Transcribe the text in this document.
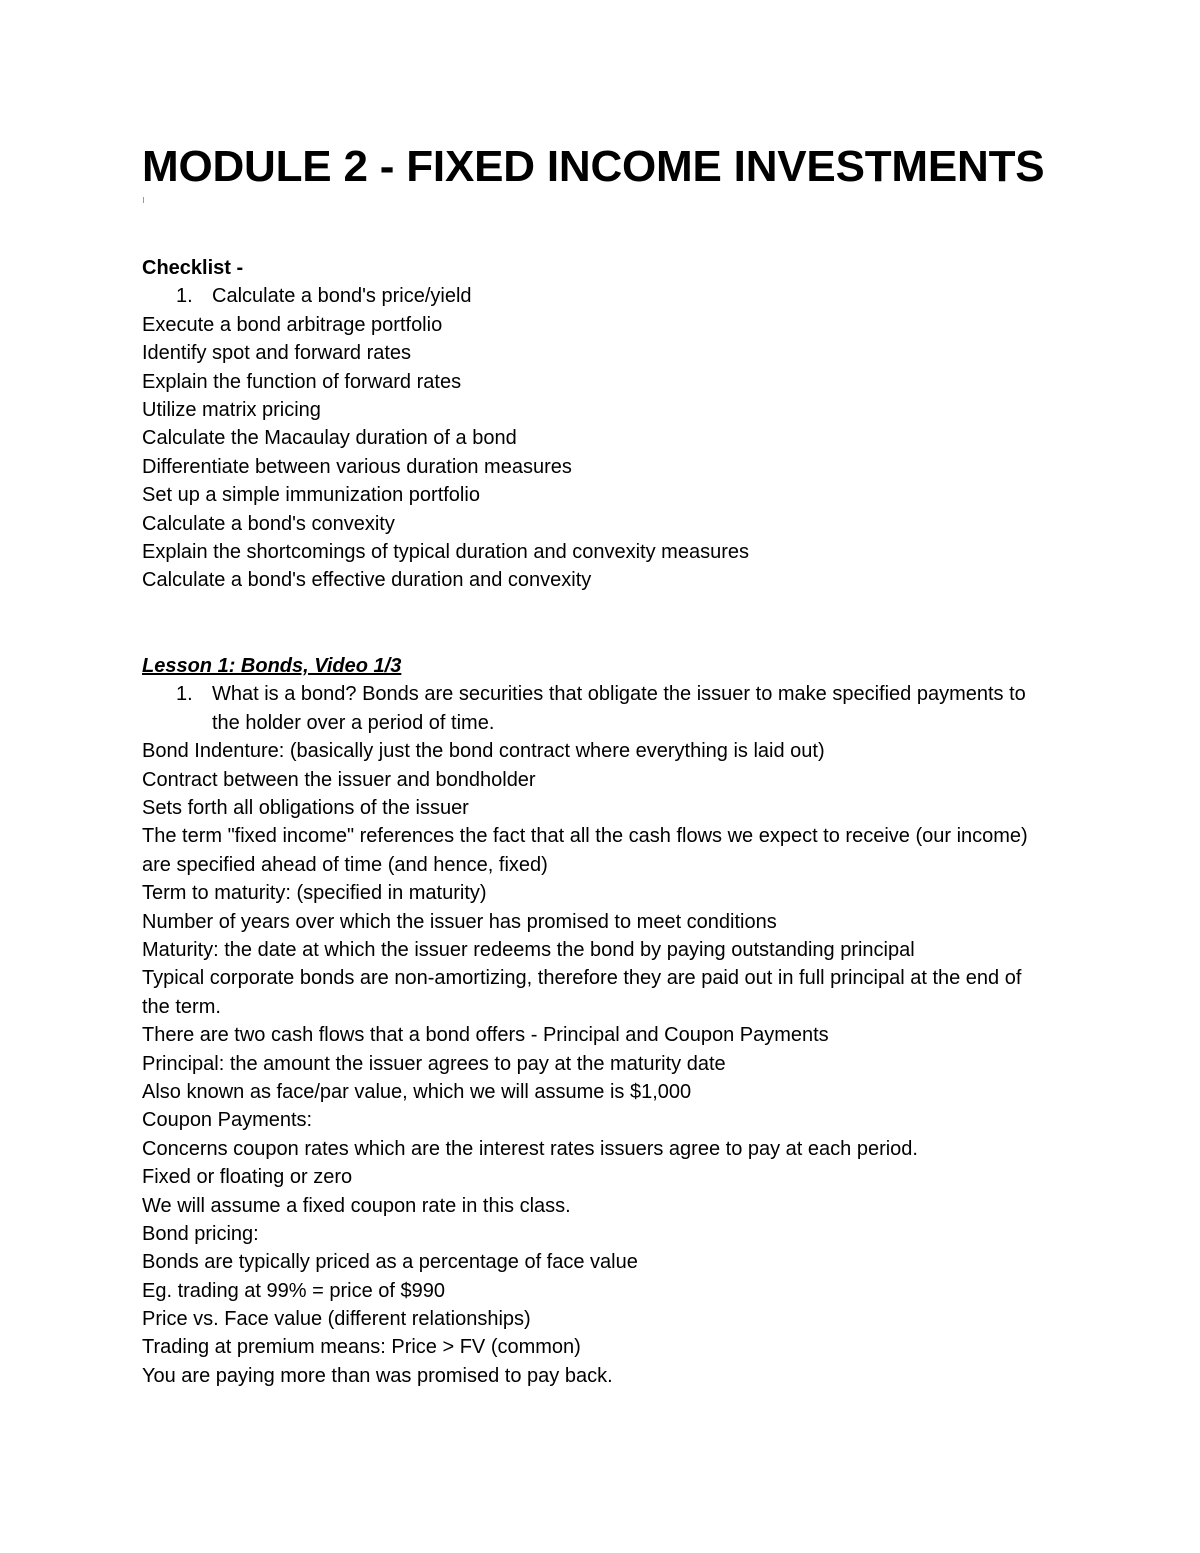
MODULE 2 - FIXED INCOME INVESTMENTS
Checklist -
1. Calculate a bond's price/yield
Execute a bond arbitrage portfolio
Identify spot and forward rates
Explain the function of forward rates
Utilize matrix pricing
Calculate the Macaulay duration of a bond
Differentiate between various duration measures
Set up a simple immunization portfolio
Calculate a bond's convexity
Explain the shortcomings of typical duration and convexity measures
Calculate a bond's effective duration and convexity
Lesson 1: Bonds, Video 1/3
1. What is a bond? Bonds are securities that obligate the issuer to make specified payments to the holder over a period of time.
Bond Indenture: (basically just the bond contract where everything is laid out)
Contract between the issuer and bondholder
Sets forth all obligations of the issuer
The term "fixed income" references the fact that all the cash flows we expect to receive (our income) are specified ahead of time (and hence, fixed)
Term to maturity: (specified in maturity)
Number of years over which the issuer has promised to meet conditions
Maturity: the date at which the issuer redeems the bond by paying outstanding principal
Typical corporate bonds are non-amortizing, therefore they are paid out in full principal at the end of the term.
There are two cash flows that a bond offers - Principal and Coupon Payments
Principal: the amount the issuer agrees to pay at the maturity date
Also known as face/par value, which we will assume is $1,000
Coupon Payments:
Concerns coupon rates which are the interest rates issuers agree to pay at each period.
Fixed or floating or zero
We will assume a fixed coupon rate in this class.
Bond pricing:
Bonds are typically priced as a percentage of face value
Eg. trading at 99% = price of $990
Price vs. Face value (different relationships)
Trading at premium means: Price > FV (common)
You are paying more than was promised to pay back.
